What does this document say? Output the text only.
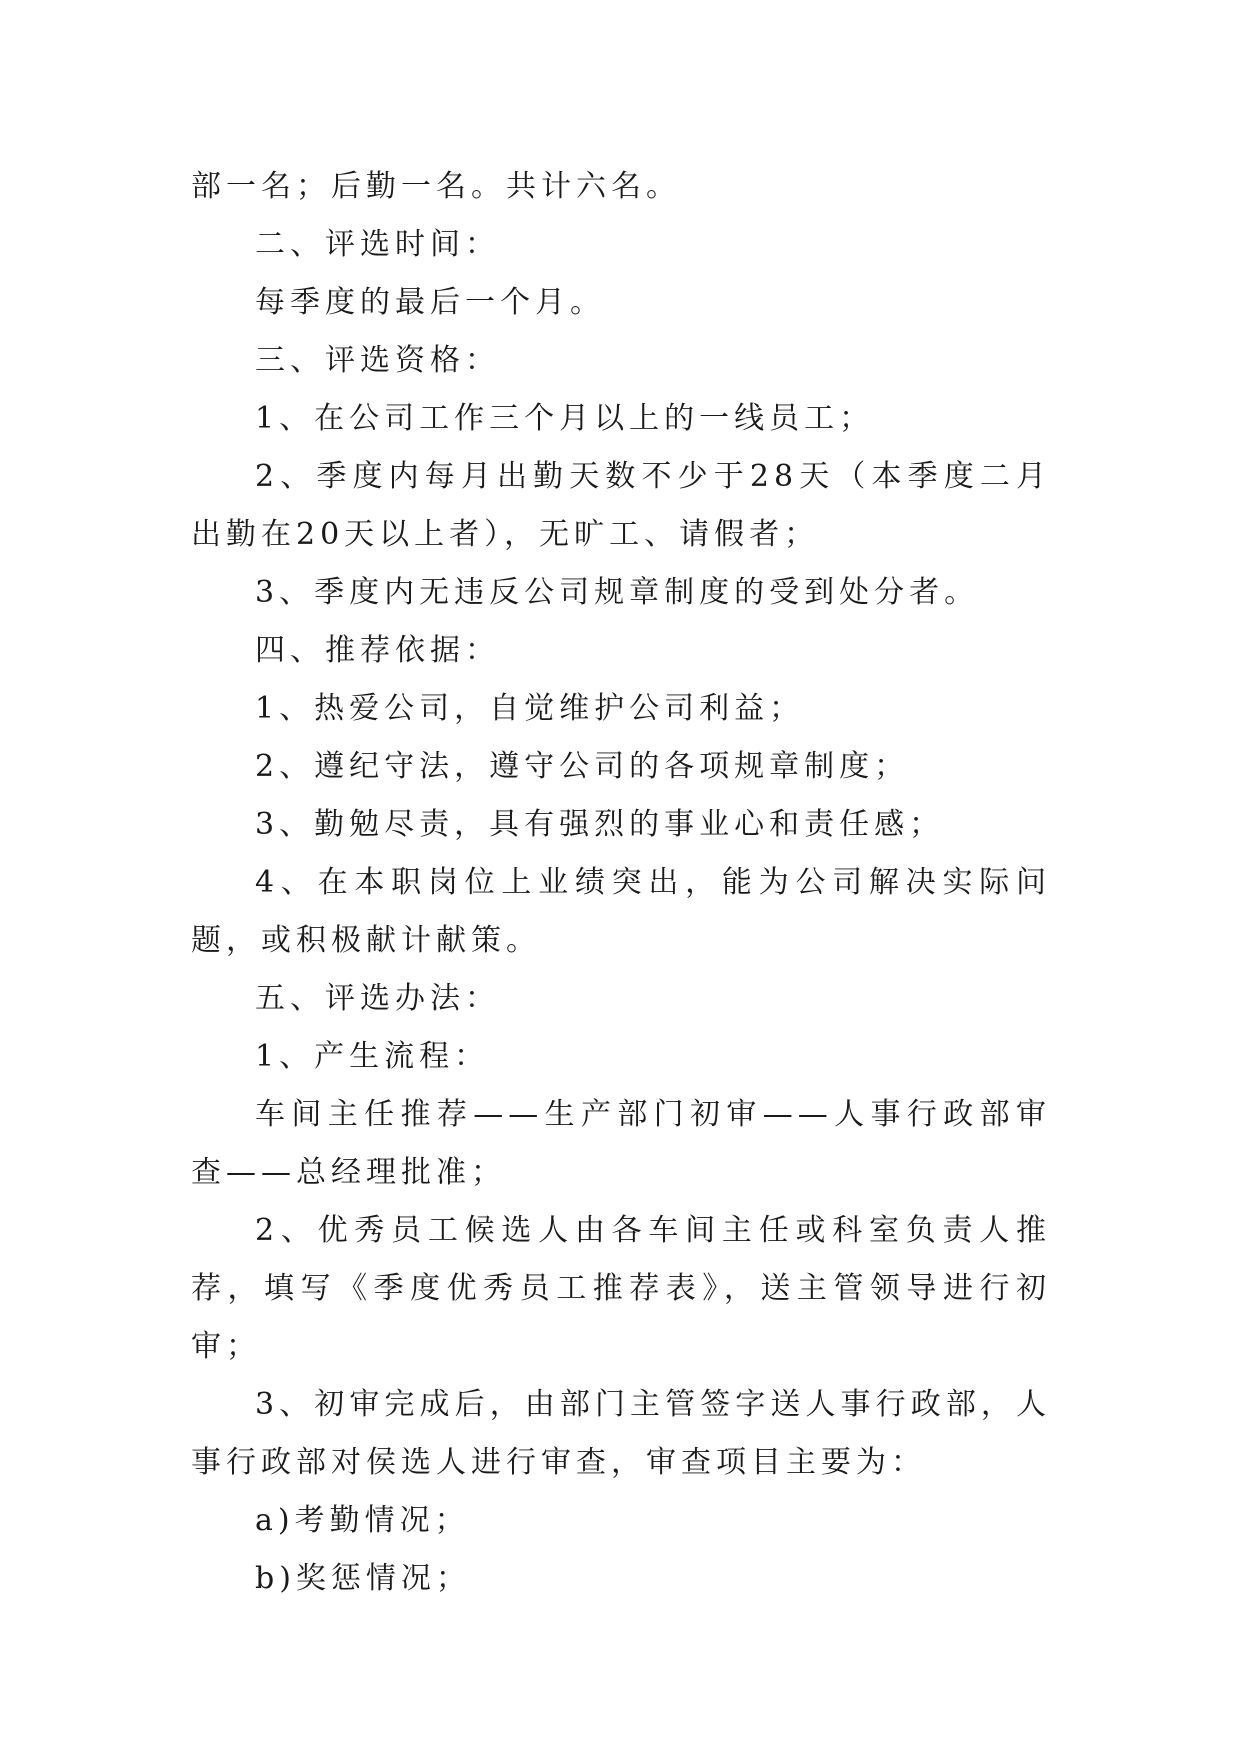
部一名；后勤一名。共计六名。

二、评选时间：

每季度的最后一个月。

三、评选资格：

1、在公司工作三个月以上的一线员工；

2、季度内每月出勤天数不少于28天（本季度二月出勤在20天以上者），无旷工、请假者；

3、季度内无违反公司规章制度的受到处分者。

四、推荐依据：

1、热爱公司，自觉维护公司利益；

2、遵纪守法，遵守公司的各项规章制度；

3、勤勉尽责，具有强烈的事业心和责任感；

4、在本职岗位上业绩突出，能为公司解决实际问题，或积极献计献策。

五、评选办法：

1、产生流程：

车间主任推荐——生产部门初审——人事行政部审查——总经理批准；

2、优秀员工候选人由各车间主任或科室负责人推荐，填写《季度优秀员工推荐表》，送主管领导进行初审；

3、初审完成后，由部门主管签字送人事行政部，人事行政部对侯选人进行审查，审查项目主要为：

a)考勤情况；

b)奖惩情况；
